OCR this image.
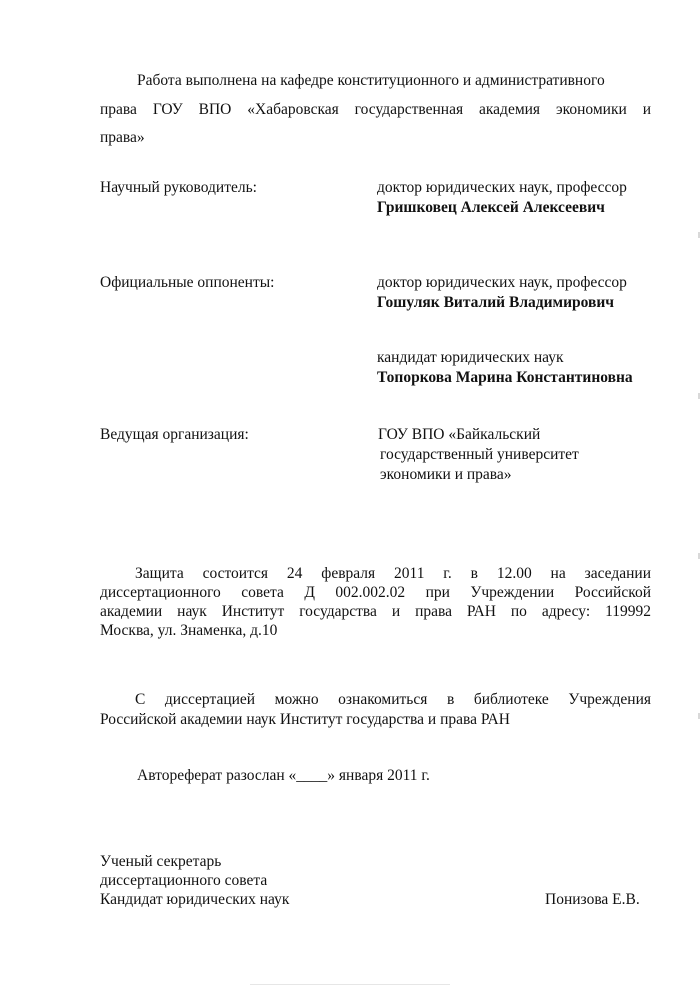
Работа выполнена на кафедре конституционного и административного
права ГОУ ВПО «Хабаровская государственная академия экономики и
права»
Научный руководитель:	доктор юридических наук, профессор
Гришковец Алексей Алексеевич
Официальные оппоненты:	доктор юридических наук, профессор
Гошуляк Виталий Владимирович
кандидат юридических наук
Топоркова Марина Константиновна
Ведущая организация:	ГОУ ВПО «Байкальский
государственный университет
экономики и права»
Защита состоится 24 февраля 2011 г. в 12.00 на заседании
диссертационного совета Д 002.002.02 при Учреждении Российской
академии наук Институт государства и права РАН по адресу: 119992
Москва, ул. Знаменка, д.10
С диссертацией можно ознакомиться в библиотеке Учреждения
Российской академии наук Институт государства и права РАН
Автореферат разослан «____» января 2011 г.
Ученый секретарь
диссертационного совета
Кандидат юридических наук	Понизова Е.В.
